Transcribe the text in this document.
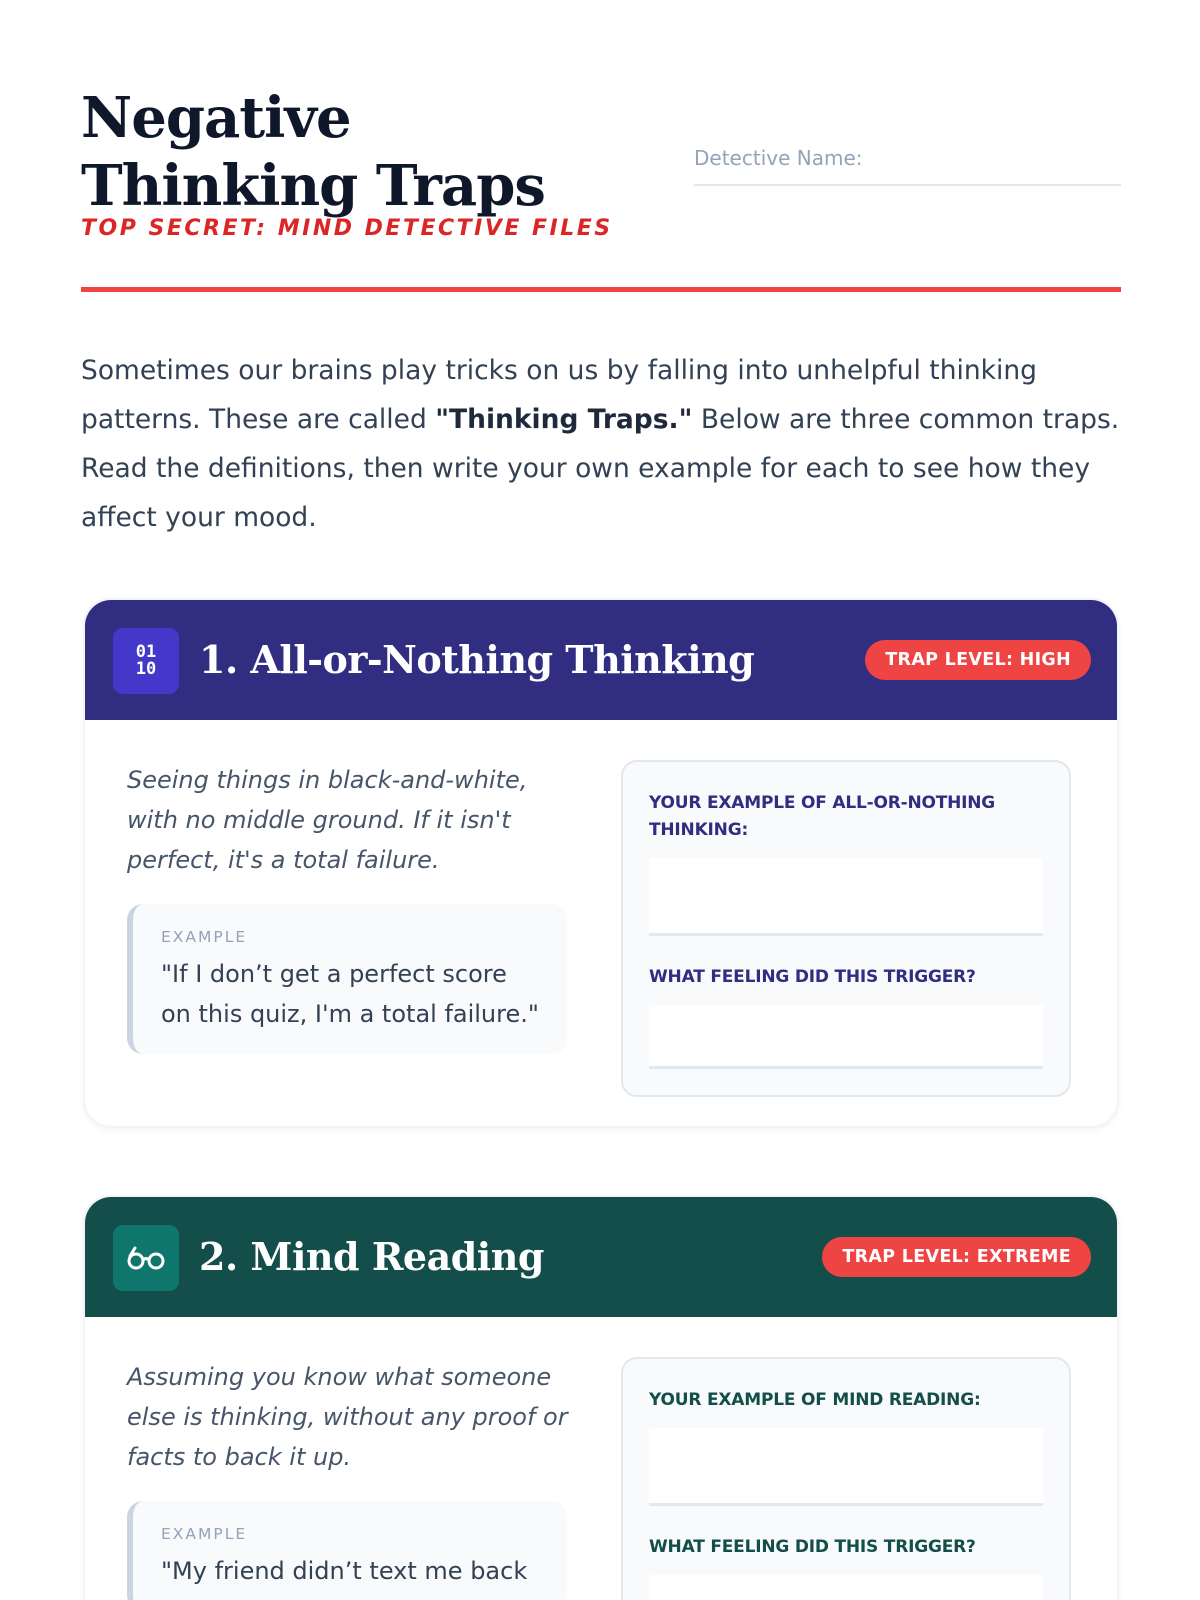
Negative Thinking Traps
TOP SECRET: MIND DETECTIVE FILES
Detective Name:

Sometimes our brains play tricks on us by falling into unhelpful thinking patterns. These are called "Thinking Traps." Below are three common traps. Read the definitions, then write your own example for each to see how they affect your mood.

01
10 1. All-or-Nothing Thinking	TRAP LEVEL: HIGH

Seeing things in black-and-white, with no middle ground. If it isn't perfect, it's a total failure.

EXAMPLE
"If I don’t get a perfect score on this quiz, I'm a total failure."
YOUR EXAMPLE OF ALL-OR-NOTHING THINKING:
WHAT FEELING DID THIS TRIGGER?
2. Mind Reading	TRAP LEVEL: EXTREME

Assuming you know what someone else is thinking, without any proof or facts to back it up.

EXAMPLE
"My friend didn’t text me back
YOUR EXAMPLE OF MIND READING:
WHAT FEELING DID THIS TRIGGER?
